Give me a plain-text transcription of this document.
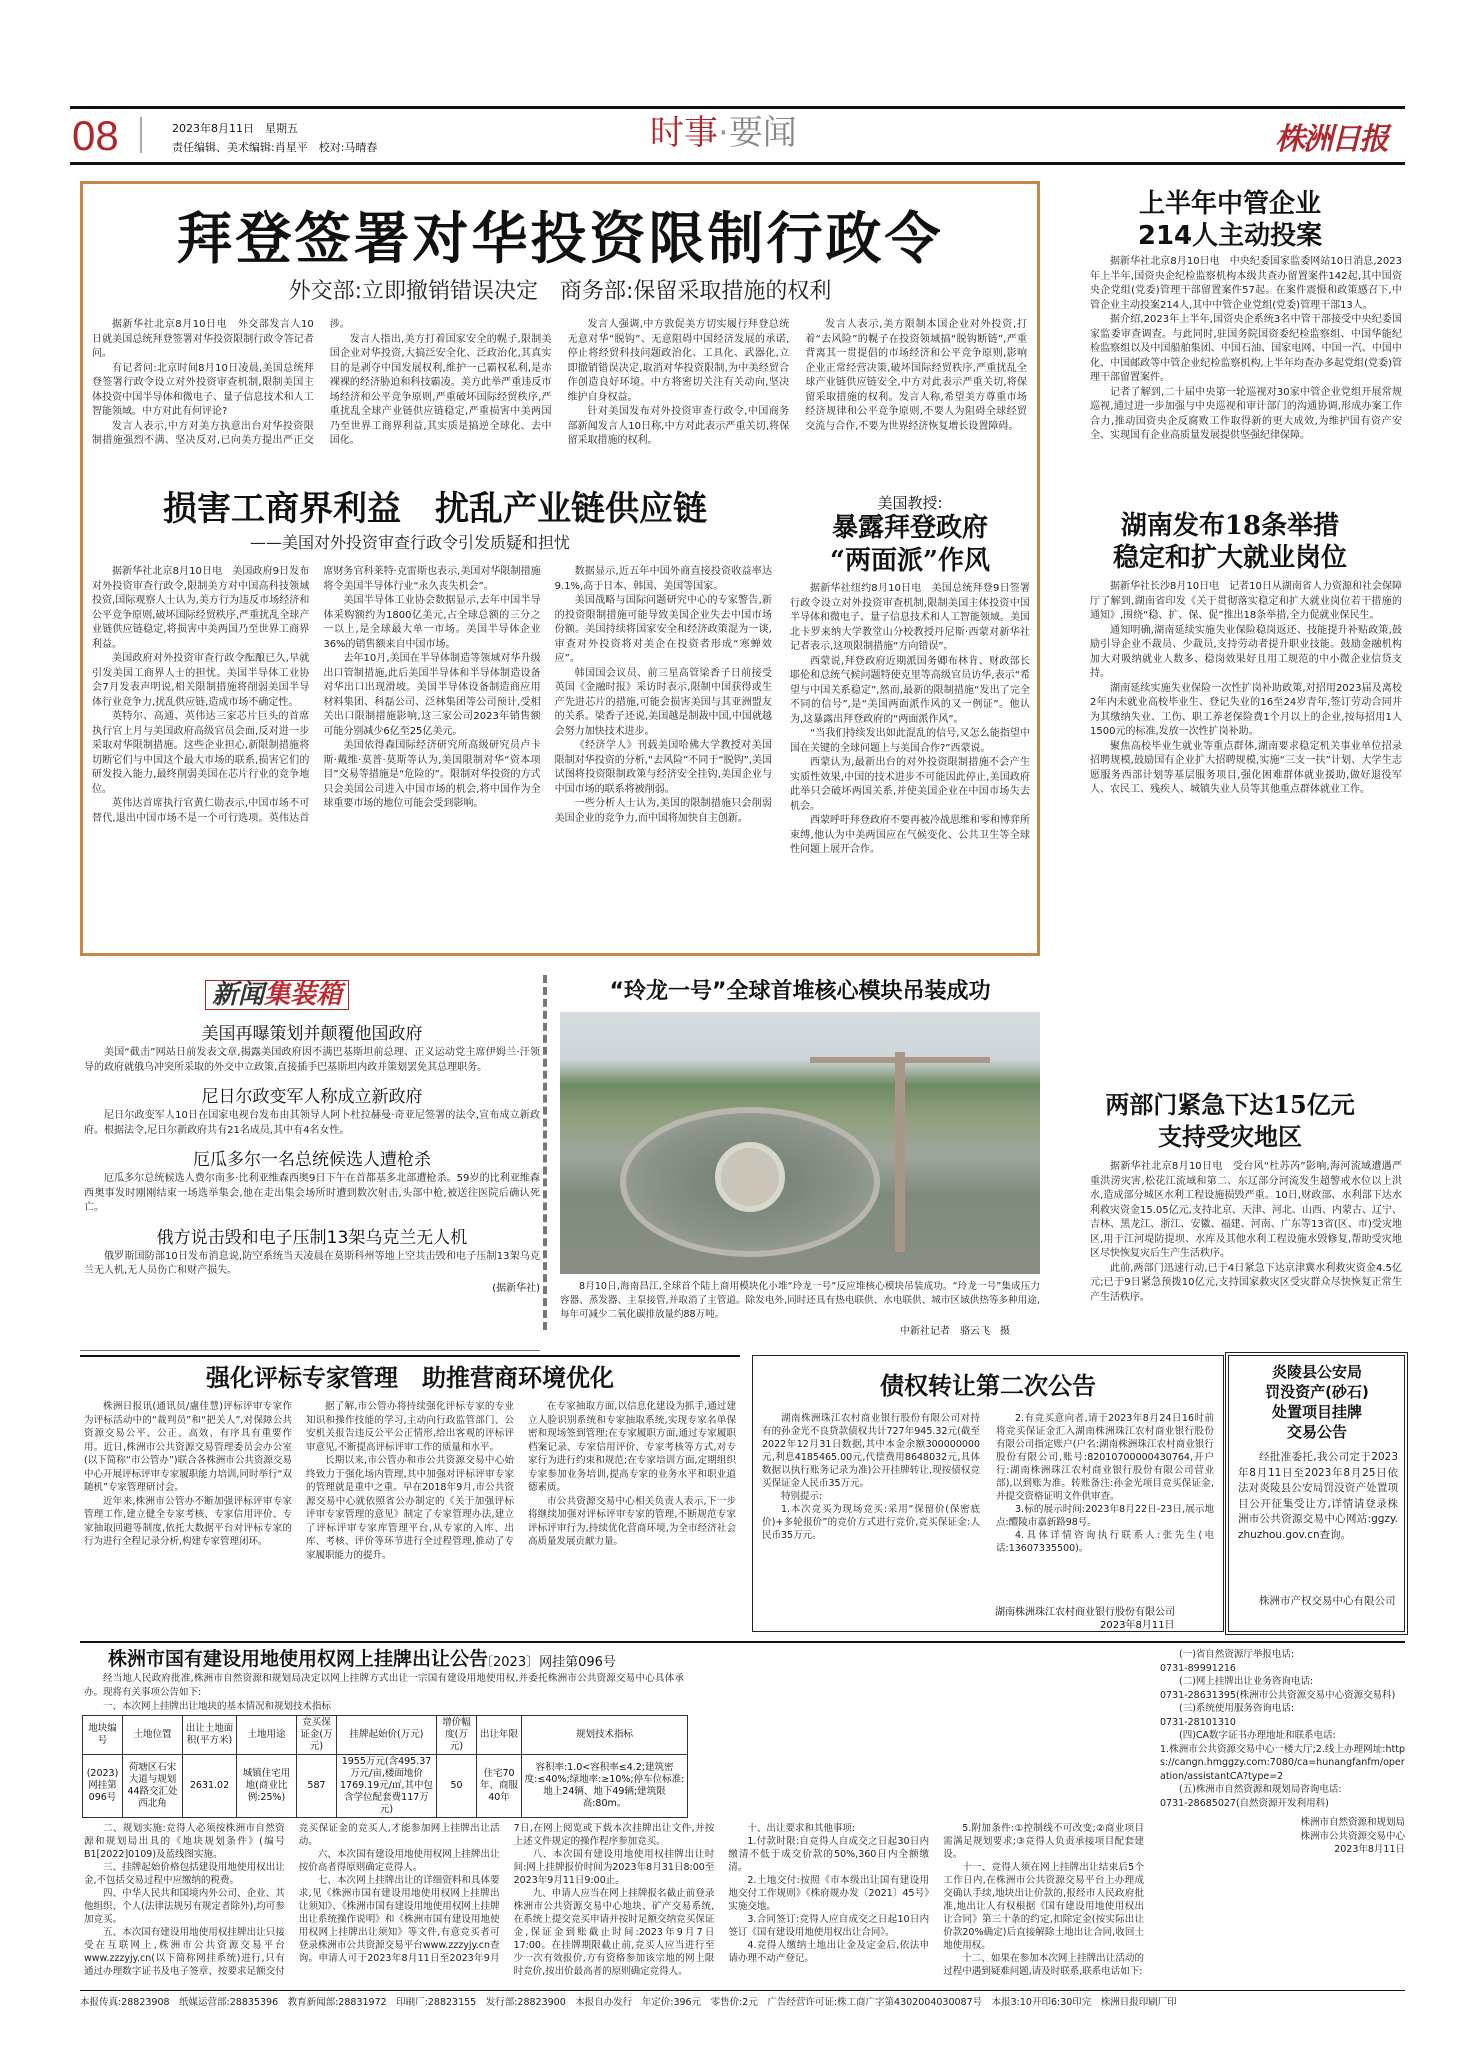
08	2023年8月11日　星期五
责任编辑、美术编辑:肖星平　校对:马晴春	时事·要闻	株洲日报
拜登签署对华投资限制行政令
外交部:立即撤销错误决定　商务部:保留采取措施的权利

据新华社北京8月10日电　外交部发言人10日就美国总统拜登签署对华投资限制行政令答记者问。

有记者问:北京时间8月10日凌晨,美国总统拜登签署行政令设立对外投资审查机制,限制美国主体投资中国半导体和微电子、量子信息技术和人工智能领域。中方对此有何评论?

发言人表示,中方对美方执意出台对华投资限制措施强烈不满、坚决反对,已向美方提出严正交涉。

发言人指出,美方打着国家安全的幌子,限制美国企业对华投资,大搞泛安全化、泛政治化,其真实目的是剥夺中国发展权利,维护一己霸权私利,是赤裸裸的经济胁迫和科技霸凌。美方此举严重违反市场经济和公平竞争原则,严重破坏国际经贸秩序,严重扰乱全球产业链供应链稳定,严重损害中美两国乃至世界工商界利益,其实质是搞逆全球化、去中国化。

发言人强调,中方敦促美方切实履行拜登总统无意对华“脱钩”、无意阻碍中国经济发展的承诺,停止将经贸科技问题政治化、工具化、武器化,立即撤销错误决定,取消对华投资限制,为中美经贸合作创造良好环境。中方将密切关注有关动向,坚决维护自身权益。

针对美国发布对外投资审查行政令,中国商务部新闻发言人10日称,中方对此表示严重关切,将保留采取措施的权利。

发言人表示,美方限制本国企业对外投资,打着“去风险”的幌子在投资领域搞“脱钩断链”,严重背离其一贯提倡的市场经济和公平竞争原则,影响企业正常经营决策,破坏国际经贸秩序,严重扰乱全球产业链供应链安全,中方对此表示严重关切,将保留采取措施的权利。发言人称,希望美方尊重市场经济规律和公平竞争原则,不要人为阻碍全球经贸交流与合作,不要为世界经济恢复增长设置障碍。

损害工商界利益　扰乱产业链供应链
——美国对外投资审查行政令引发质疑和担忧

据新华社北京8月10日电　美国政府9日发布对外投资审查行政令,限制美方对中国高科技领域投资,国际观察人士认为,美方行为违反市场经济和公平竞争原则,破坏国际经贸秩序,严重扰乱全球产业链供应链稳定,将损害中美两国乃至世界工商界利益。

美国政府对外投资审查行政令酝酿已久,早就引发美国工商界人士的担忧。美国半导体工业协会7月发表声明说,相关限制措施将削弱美国半导体行业竞争力,扰乱供应链,造成市场不确定性。

英特尔、高通、英伟达三家芯片巨头的首席执行官上月与美国政府高级官员会面,反对进一步采取对华限制措施。这些企业担心,新限制措施将切断它们与中国这个最大市场的联系,损害它们的研发投入能力,最终削弱美国在芯片行业的竞争地位。

英伟达首席执行官黄仁勋表示,中国市场不可替代,退出中国市场不是一个可行选项。英伟达首席财务官科莱特·克雷斯也表示,美国对华限制措施将令美国半导体行业“永久丧失机会”。

美国半导体工业协会数据显示,去年中国半导体采购额约为1800亿美元,占全球总额的三分之一以上,是全球最大单一市场。美国半导体企业36%的销售额来自中国市场。

去年10月,美国在半导体制造等领域对华升级出口管制措施,此后美国半导体和半导体制造设备对华出口出现滑坡。美国半导体设备制造商应用材料集团、科磊公司、泛林集团等公司预计,受相关出口限制措施影响,这三家公司2023年销售额可能分别减少6亿至25亿美元。

美国依得森国际经济研究所高级研究员卢卡斯·戴维·莫普·莫斯等认为,美国限制对华“资本项目”交易等措施是“危险的”。限制对华投资的方式只会美国公司进入中国市场的机会,将中国作为全球重要市场的地位可能会受到影响。

数据显示,近五年中国外商直接投资收益率达9.1%,高于日本、韩国、美国等国家。

美国战略与国际问题研究中心的专家警告,新的投资限制措施可能导致美国企业失去中国市场份额。美国持续将国家安全和经济政策混为一谈,审查对外投资将对美企在投资者形成“寒蝉效应”。

韩国国会议员、前三星高管梁香子日前接受英国《金融时报》采访时表示,限制中国获得或生产先进芯片的措施,可能会损害美国与其亚洲盟友的关系。梁香子还说,美国越是制裁中国,中国就越会努力加快技术进步。

《经济学人》刊载美国哈佛大学教授对美国限制对华投资的分析,“去风险”不同于“脱钩”,美国试图将投资限制政策与经济安全挂钩,美国企业与中国市场的联系将被削弱。

一些分析人士认为,美国的限制措施只会削弱美国企业的竞争力,而中国将加快自主创新。

美国教授:
暴露拜登政府
“两面派”作风

据新华社纽约8月10日电　美国总统拜登9日签署行政令设立对外投资审查机制,限制美国主体投资中国半导体和微电子、量子信息技术和人工智能领域。美国北卡罗来纳大学教堂山分校教授丹尼斯·西蒙对新华社记者表示,这项限制措施“方向错误”。

西蒙说,拜登政府近期派国务卿布林肯、财政部长耶伦和总统气候问题特使克里等高级官员访华,表示“希望与中国关系稳定”,然而,最新的限制措施“发出了完全不同的信号”,是“美国两面派作风的又一例证”。他认为,这暴露出拜登政府的“两面派作风”。

“当我们持续发出如此混乱的信号,又怎么能指望中国在关键的全球问题上与美国合作?”西蒙说。

西蒙认为,最新出台的对外投资限制措施不会产生实质性效果,中国的技术进步不可能因此停止,美国政府此举只会破坏两国关系,并使美国企业在中国市场失去机会。

西蒙呼吁拜登政府不要再被冷战思维和零和博弈所束缚,他认为中美两国应在气候变化、公共卫生等全球性问题上展开合作。

上半年中管企业
214人主动投案

据新华社北京8月10日电　中央纪委国家监委网站10日消息,2023年上半年,国资央企纪检监察机构本级共查办留置案件142起,其中国资央企党组(党委)管理干部留置案件57起。在案件震慑和政策感召下,中管企业主动投案214人,其中中管企业党组(党委)管理干部13人。

据介绍,2023年上半年,国资央企系统3名中管干部接受中央纪委国家监委审查调查。与此同时,驻国务院国资委纪检监察组、中国华能纪检监察组以及中国船舶集团、中国石油、国家电网、中国一汽、中国中化、中国邮政等中管企业纪检监察机构,上半年均查办多起党组(党委)管理干部留置案件。

记者了解到,二十届中央第一轮巡视对30家中管企业党组开展常规巡视,通过进一步加强与中央巡视和审计部门的沟通协调,形成办案工作合力,推动国资央企反腐败工作取得新的更大成效,为维护国有资产安全、实现国有企业高质量发展提供坚强纪律保障。

湖南发布18条举措
稳定和扩大就业岗位

据新华社长沙8月10日电　记者10日从湖南省人力资源和社会保障厅了解到,湖南省印发《关于贯彻落实稳定和扩大就业岗位若干措施的通知》,围绕“稳、扩、保、促”推出18条举措,全力促就业保民生。

通知明确,湖南延续实施失业保险稳岗返还、技能提升补贴政策,鼓励引导企业不裁员、少裁员,支持劳动者提升职业技能。鼓励金融机构加大对吸纳就业人数多、稳岗效果好且用工规范的中小微企业信贷支持。

湖南延续实施失业保险一次性扩岗补助政策,对招用2023届及离校2年内未就业高校毕业生、登记失业的16至24岁青年,签订劳动合同并为其缴纳失业、工伤、职工养老保险费1个月以上的企业,按每招用1人1500元的标准,发放一次性扩岗补助。

聚焦高校毕业生就业等重点群体,湖南要求稳定机关事业单位招录招聘规模,鼓励国有企业扩大招聘规模,实施“三支一扶”计划、大学生志愿服务西部计划等基层服务项目,强化困难群体就业援助,做好退役军人、农民工、残疾人、城镇失业人员等其他重点群体就业工作。

两部门紧急下达15亿元
支持受灾地区

据新华社北京8月10日电　受台风“杜苏芮”影响,海河流域遭遇严重洪涝灾害,松花江流域和第二、东辽部分河流发生超警戒水位以上洪水,造成部分城区水利工程设施损毁严重。10日,财政部、水利部下达水利救灾资金15.05亿元,支持北京、天津、河北、山西、内蒙古、辽宁、吉林、黑龙江、浙江、安徽、福建、河南、广东等13省(区、市)受灾地区,用于江河堤防提坝、水库及其他水利工程设施水毁修复,帮助受灾地区尽快恢复灾后生产生活秩序。

此前,两部门迅速行动,已于4日紧急下达京津冀水利救灾资金4.5亿元;已于9日紧急预拨10亿元,支持国家救灾区受灾群众尽快恢复正常生产生活秩序。

新闻集装箱
美国再曝策划并颠覆他国政府
美国“截击”网站日前发表文章,揭露美国政府因不满巴基斯坦前总理、正义运动党主席伊姆兰·汗领导的政府就俄乌冲突所采取的外交中立政策,直接插手巴基斯坦内政并策划罢免其总理职务。
尼日尔政变军人称成立新政府
尼日尔政变军人10日在国家电视台发布由其领导人阿卜杜拉赫曼·奇亚尼签署的法令,宣布成立新政府。根据法令,尼日尔新政府共有21名成员,其中有4名女性。
厄瓜多尔一名总统候选人遭枪杀
厄瓜多尔总统候选人费尔南多·比利亚维森西奥9日下午在首都基多北部遭枪杀。59岁的比利亚维森西奥事发时刚刚结束一场选举集会,他在走出集会场所时遭到数次射击,头部中枪,被送往医院后确认死亡。
俄方说击毁和电子压制13架乌克兰无人机
俄罗斯国防部10日发布消息说,防空系统当天凌晨在莫斯科州等地上空共击毁和电子压制13架乌克兰无人机,无人员伤亡和财产损失。
(据新华社)
“玲龙一号”全球首堆核心模块吊装成功
8月10日,海南昌江,全球首个陆上商用模块化小堆“玲龙一号”反应堆核心模块吊装成功。“玲龙一号”集成压力容器、蒸发器、主泵接管,并取消了主管道。除发电外,同时还具有热电联供、水电联供、城市区域供热等多种用途,每年可减少二氧化碳排放量约88万吨。
中新社记者　骆云飞　摄
强化评标专家管理　助推营商环境优化

株洲日报讯(通讯员/盧佳慧)评标评审专家作为评标活动中的“裁判员”和“把关人”,对保障公共资源交易公平、公正、高效、有序具有重要作用。近日,株洲市公共资源交易管理委员会办公室(以下简称“市公管办”)联合各株洲市公共资源交易中心开展评标评审专家履职能力培训,同时举行“双随机”专家管理研讨会。

近年来,株洲市公管办不断加强评标评审专家管理工作,建立健全专家考核、专家信用评价、专家抽取回避等制度,依托大数据平台对评标专家的行为进行全程记录分析,构建专家管理闭环。

据了解,市公管办将持续强化评标专家的专业知识和操作技能的学习,主动向行政监管部门、公安机关报告违反公平公正情形,给出客观的评标评审意见,不断提高评标评审工作的质量和水平。

长期以来,市公管办和市公共资源交易中心始终致力于强化场内管理,其中加强对评标评审专家的管理就是重中之重。早在2018年9月,市公共资源交易中心就依照省公办制定的《关于加强评标评审专家管理的意见》制定了专家管理办法,建立了评标评审专家库管理平台,从专家的入库、出库、考核、评价等环节进行全过程管理,推动了专家履职能力的提升。

在专家抽取方面,以信息化建设为抓手,通过建立人脸识别系统和专家抽取系统,实现专家名单保密和现场签到管理;在专家履职方面,通过专家履职档案记录、专家信用评价、专家考核等方式,对专家行为进行约束和规范;在专家培训方面,定期组织专家参加业务培训,提高专家的业务水平和职业道德素质。

市公共资源交易中心相关负责人表示,下一步将继续加强对评标评审专家的管理,不断规范专家评标评审行为,持续优化营商环境,为全市经济社会高质量发展贡献力量。

债权转让第二次公告

湖南株洲珠江农村商业银行股份有限公司对持有的孙金光不良贷款债权共计727年945.32元(截至2022年12月31日数据,其中本金余额300000000元,利息4185465.00元,代偿费用8648032元,具体数据以执行账务记录为准)公开挂牌转让,现按债权竞买保证金人民币35万元。

特别提示:

1.本次竞买为现场竞买:采用“保留价(保密底价)+多轮报价”的竞价方式进行竞价,竞买保证金:人民币35万元。

2.有竞买意向者,请于2023年8月24日16时前将竞买保证金汇入湖南株洲珠江农村商业银行股份有限公司指定账户(户名:湖南株洲珠江农村商业银行股份有限公司,账号:82010700000430764,开户行:湖南株洲珠江农村商业银行股份有限公司营业部),以到账为准。转账备注:孙金光项目竞买保证金,并提交资格证明文件供审查。

3.标的展示时间:2023年8月22日-23日,展示地点:醴陵市嘉新路98号。

4.具体详情咨询执行联系人:张先生(电话:13607335500)。

湖南株洲珠江农村商业银行股份有限公司
2023年8月11日
炎陵县公安局
罚没资产(砂石)
处置项目挂牌
交易公告
经批准委托,我公司定于2023年8月11日至2023年8月25日依法对炎陵县公安局罚没资产处置项目公开征集受让方,详情请登录株洲市公共资源交易中心网站:ggzy.zhuzhou.gov.cn查询。
株洲市产权交易中心有限公司
株洲市国有建设用地使用权网上挂牌出让公告
〔2023〕网挂第096号
经当地人民政府批准,株洲市自然资源和规划局决定以网上挂牌方式出让一宗国有建设用地使用权,并委托株洲市公共资源交易中心具体承办。现将有关事项公告如下:
一、本次网上挂牌出让地块的基本情况和规划技术指标
地块编号	土地位置	出让土地面积(平方米)	土地用途	竞买保证金(万元)	挂牌起始价(万元)	增价幅度(万元)	出让年限	规划技术指标
(2023)网挂第096号	荷塘区石宋大道与规划44路交汇处西北角	2631.02	城镇住宅用地(商业比例:25%)	587	1955万元(含495.37万元/亩,楼面地价1769.19元/㎡,其中包含学位配套费117万元)	50	住宅70年、商服40年	容积率:1.0<容积率≤4.2;建筑密度:≤40%;绿地率:≥10%;停车位标准:地上24辆、地下49辆;建筑限高:80m。

二、规划实施:竞得人必须按株洲市自然资源和规划局出具的《地块规划条件》(编号B1[2022]0109)及蓝线图实施。

三、挂牌起始价格包括建设用地使用权出让金,不包括交易过程中应缴纳的税费。

四、中华人民共和国境内外公司、企业、其他组织、个人(法律法规另有规定者除外),均可参加竞买。

五、本次国有建设用地使用权挂牌出让只接受在互联网上,株洲市公共资源交易平台www.zzzyjy.cn(以下简称网挂系统)进行,只有通过办理数字证书及电子签章、按要求足额交付竞买保证金的竞买人,才能参加网上挂牌出让活动。

六、本次国有建设用地使用权网上挂牌出让按价高者得原则确定竞得人。

七、本次网上挂牌出让的详细资料和具体要求,见《株洲市国有建设用地使用权网上挂牌出让须知》、《株洲市国有建设用地使用权网上挂牌出让系统操作说明》和《株洲市国有建设用地使用权网上挂牌出让须知》等文件,有意竞买者可登录株洲市公共资源交易平台www.zzzyjy.cn查询。申请人可于2023年8月11日至2023年9月7日,在网上阅览或下载本次挂牌出让文件,并按上述文件规定的操作程序参加竞买。

八、本次国有建设用地使用权挂牌出让时间:网上挂牌报价时间为2023年8月31日8:00至2023年9月11日9:00止。

九、申请人应当在网上挂牌报名截止前登录株洲市公共资源交易中心地块、矿产交易系统,在系统上提交竞买申请并按时足额交纳竞买保证金,保证金到账截止时间:2023年9月7日17:00。在挂牌期限截止前,竞买人应当进行至少一次有效报价,方有资格参加该宗地的网上限时竞价,按出价最高者的原则确定竞得人。

十、出让要求和其他事项:

1.付款时限:自竞得人自成交之日起30日内缴清不低于成交价款的50%,360日内全额缴清。

2.土地交付:按照《市本级出让国有建设用地交付工作规则》《株府规办发〔2021〕45号》实施交地。

3.合同签订:竞得人应自成交之日起10日内签订《国有建设用地使用权出让合同》。

4.竞得人缴纳土地出让金及定金后,依法申请办理不动产登记。

5.附加条件:①控制线不可改变;②商业项目需满足规划要求;③竞得人负责承接项目配套建设。

十一、竞得人须在网上挂牌出让结束后5个工作日内,在株洲市公共资源交易平台上办理成交确认手续,地块出让价款的,报经市人民政府批准,地出让人有权根据《国有建设用地使用权出让合同》第三十条的约定,扣除定金(按实际出让价款20%确定)后直接解除土地出让合同,收回土地使用权。

十二、如果在参加本次网上挂牌出让活动的过程中遇到疑难问题,请及时联系,联系电话如下:

(一)省自然资源厅举报电话:
0731-89991216
(二)网上挂牌出让业务咨询电话:
0731-28631395(株洲市公共资源交易中心资源交易科)
(三)系统使用服务咨询电话:
0731-28101310
(四)CA数字证书办理地址和联系电话:
1.株洲市公共资源交易中心一楼大厅;2.线上办理网址:https://cangn.hmggzy.com:7080/ca=hunangfanfm/operation/assistantCA?type=2
(五)株洲市自然资源和规划局咨询电话:
0731-28685027(自然资源开发利用科)
株洲市自然资源和规划局
株洲市公共资源交易中心
2023年8月11日
本报传真:28823908　纸媒运营部:28835396　教育新闻部:28831972　印刷厂:28823155　发行部:28823900　本报自办发行　年定价:396元　零售价:2元　广告经营许可证:株工商广字第4302004030087号　本报3:10开印6:30印完　株洲日报印刷厂印
